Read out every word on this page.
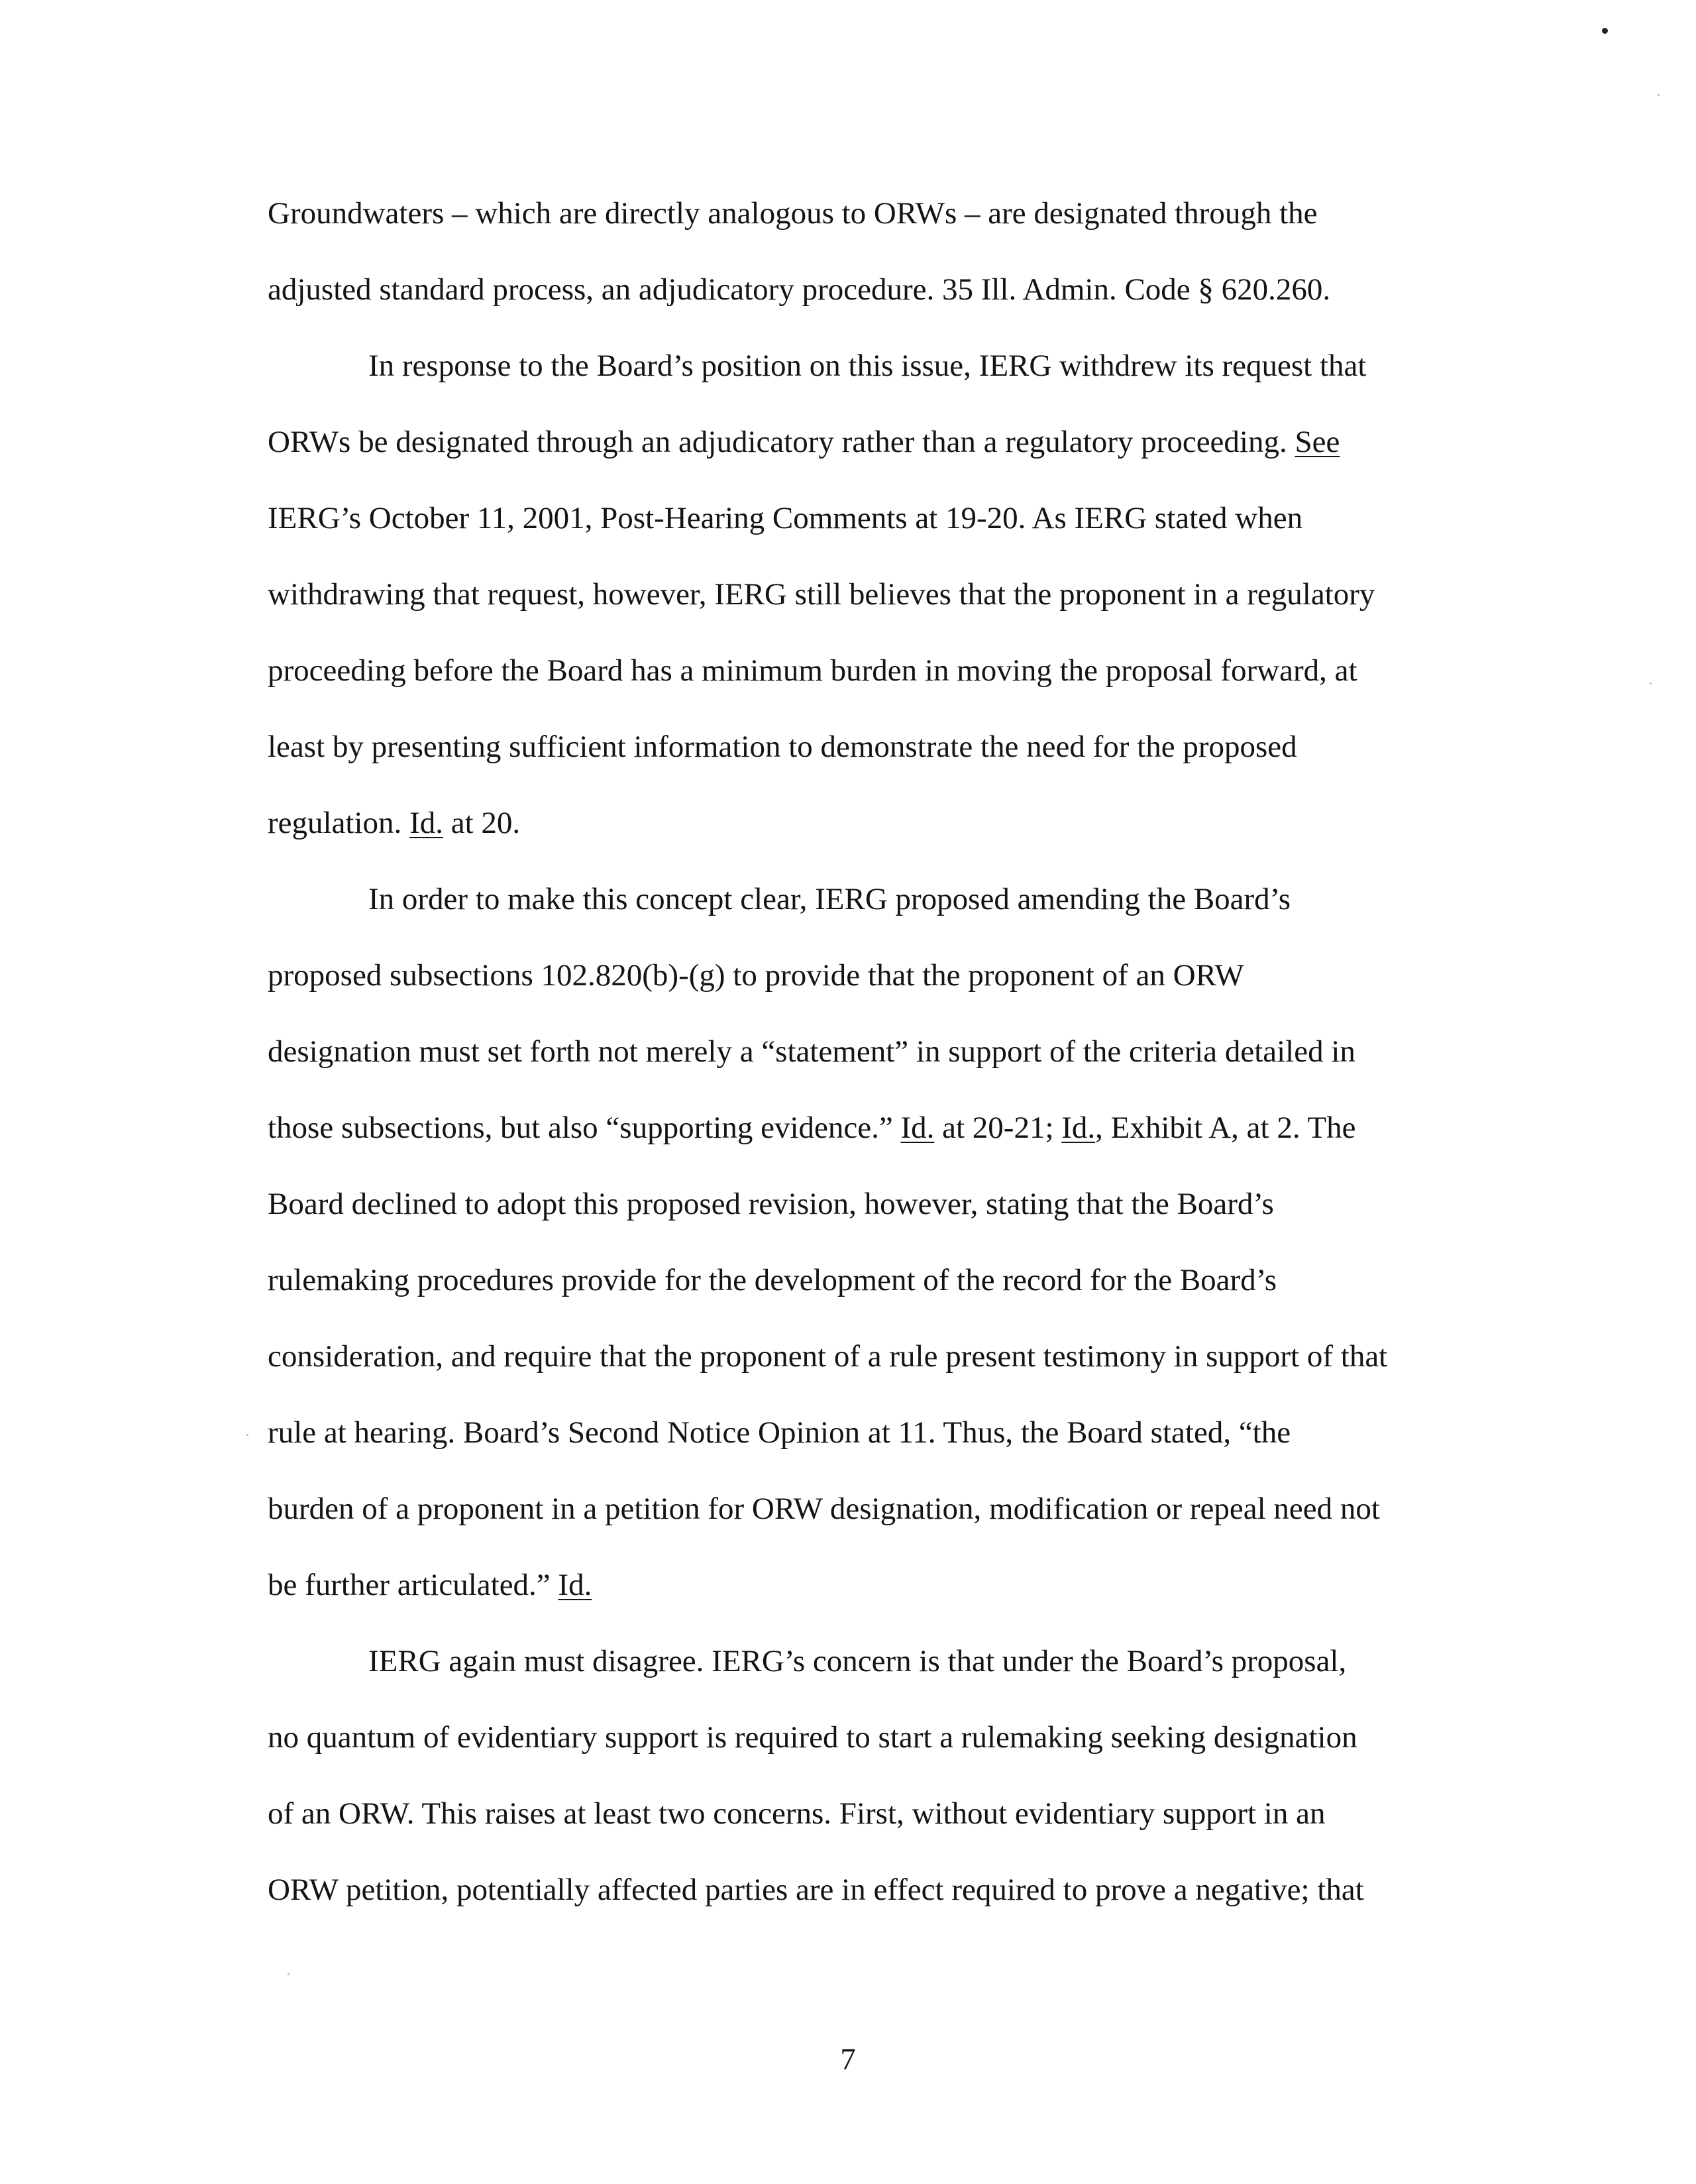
Groundwaters – which are directly analogous to ORWs – are designated through the
adjusted standard process, an adjudicatory procedure. 35 Ill. Admin. Code § 620.260.
In response to the Board’s position on this issue, IERG withdrew its request that
ORWs be designated through an adjudicatory rather than a regulatory proceeding. See
IERG’s October 11, 2001, Post-Hearing Comments at 19-20. As IERG stated when
withdrawing that request, however, IERG still believes that the proponent in a regulatory
proceeding before the Board has a minimum burden in moving the proposal forward, at
least by presenting sufficient information to demonstrate the need for the proposed
regulation. Id. at 20.
In order to make this concept clear, IERG proposed amending the Board’s
proposed subsections 102.820(b)-(g) to provide that the proponent of an ORW
designation must set forth not merely a “statement” in support of the criteria detailed in
those subsections, but also “supporting evidence.” Id. at 20-21; Id., Exhibit A, at 2. The
Board declined to adopt this proposed revision, however, stating that the Board’s
rulemaking procedures provide for the development of the record for the Board’s
consideration, and require that the proponent of a rule present testimony in support of that
rule at hearing. Board’s Second Notice Opinion at 11. Thus, the Board stated, “the
burden of a proponent in a petition for ORW designation, modification or repeal need not
be further articulated.” Id.
IERG again must disagree. IERG’s concern is that under the Board’s proposal,
no quantum of evidentiary support is required to start a rulemaking seeking designation
of an ORW. This raises at least two concerns. First, without evidentiary support in an
ORW petition, potentially affected parties are in effect required to prove a negative; that
7
